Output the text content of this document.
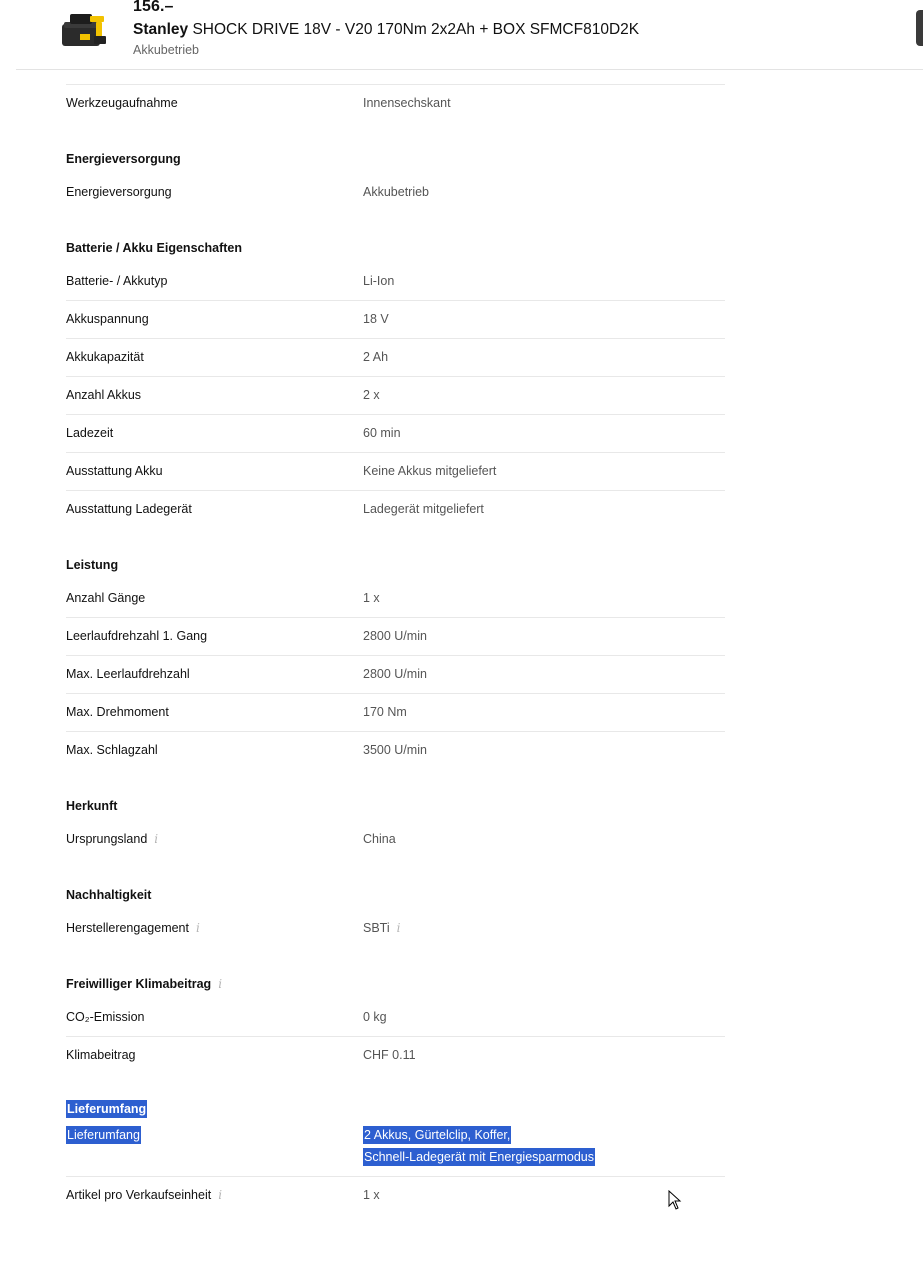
156.–
Stanley SHOCK DRIVE 18V - V20 170Nm 2x2Ah + BOX SFMCF810D2K
Akkubetrieb
Werkzeugaufnahme	Innensechskant
Energieversorgung
Energieversorgung	Akkubetrieb
Batterie / Akku Eigenschaften
Batterie- / Akkutyp	Li-Ion
Akkuspannung	18 V
Akkukapazität	2 Ah
Anzahl Akkus	2 x
Ladezeit	60 min
Ausstattung Akku	Keine Akkus mitgeliefert
Ausstattung Ladegerät	Ladegerät mitgeliefert
Leistung
Anzahl Gänge	1 x
Leerlaufdrehzahl 1. Gang	2800 U/min
Max. Leerlaufdrehzahl	2800 U/min
Max. Drehmoment	170 Nm
Max. Schlagzahl	3500 U/min
Herkunft
Ursprungsland i	China
Nachhaltigkeit
Herstellerengagement i	SBTi i
Freiwilliger Klimabeitrag i
CO₂-Emission	0 kg
Klimabeitrag	CHF 0.11
Lieferumfang
Lieferumfang	2 Akkus, Gürtelclip, Koffer,
Schnell-Ladegerät mit Energiesparmodus
Artikel pro Verkaufseinheit i	1 x
